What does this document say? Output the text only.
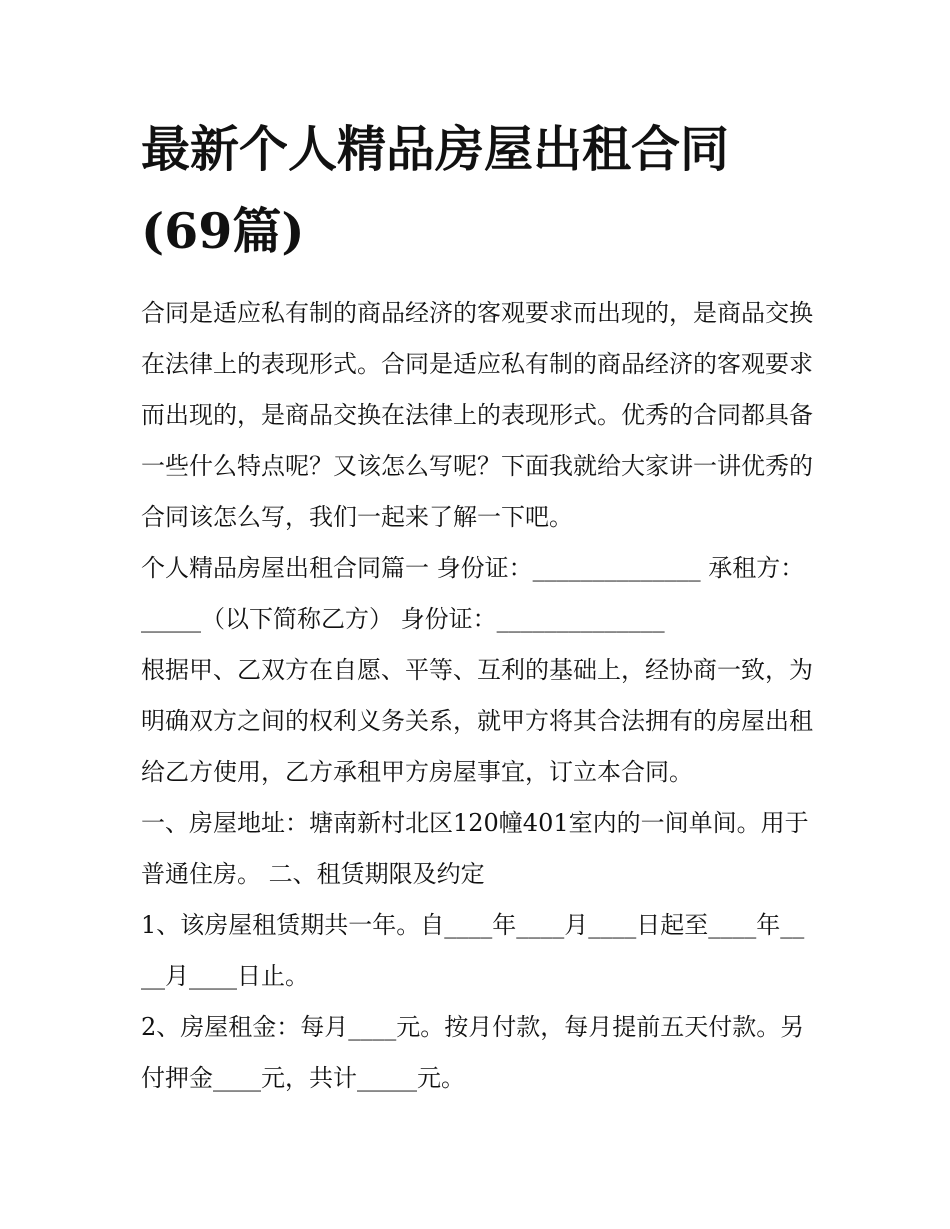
最新个人精品房屋出租合同(69篇)

合同是适应私有制的商品经济的客观要求而出现的，是商品交换在法律上的表现形式。合同是适应私有制的商品经济的客观要求而出现的，是商品交换在法律上的表现形式。优秀的合同都具备一些什么特点呢？又该怎么写呢？下面我就给大家讲一讲优秀的合同该怎么写，我们一起来了解一下吧。

个人精品房屋出租合同篇一 身份证：______________ 承租方：_____（以下简称乙方） 身份证：______________

根据甲、乙双方在自愿、平等、互利的基础上，经协商一致，为明确双方之间的权利义务关系，就甲方将其合法拥有的房屋出租给乙方使用，乙方承租甲方房屋事宜，订立本合同。

一、房屋地址：塘南新村北区120幢401室内的一间单间。用于普通住房。 二、租赁期限及约定

1、该房屋租赁期共一年。自____年____月____日起至____年____月____日止。

2、房屋租金：每月____元。按月付款，每月提前五天付款。另付押金____元，共计_____元。
